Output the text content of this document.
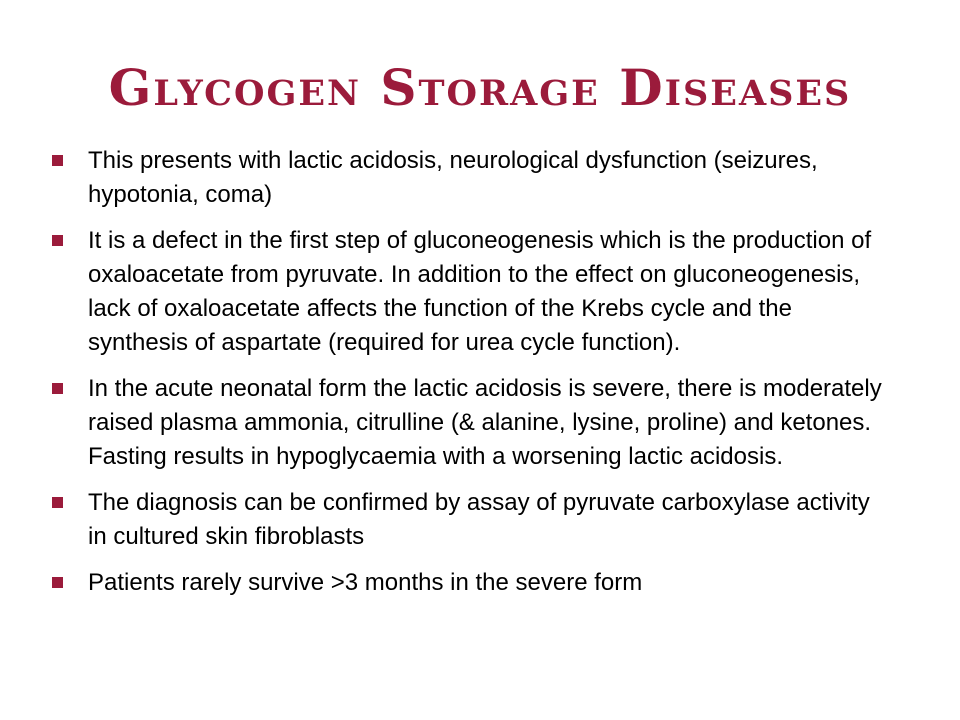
Glycogen Storage Diseases
This presents with lactic acidosis, neurological dysfunction (seizures, hypotonia, coma)
It is a defect in the first step of gluconeogenesis which is the production of oxaloacetate from pyruvate. In addition to the effect on gluconeogenesis, lack of oxaloacetate affects the function of the Krebs cycle and the synthesis of aspartate (required for urea cycle function).
In the acute neonatal form the lactic acidosis is severe, there is moderately raised plasma ammonia, citrulline (& alanine, lysine, proline) and ketones. Fasting results in hypoglycaemia with a worsening lactic acidosis.
The diagnosis can be confirmed by assay of pyruvate carboxylase activity in cultured skin fibroblasts
Patients rarely survive >3 months in the severe form
